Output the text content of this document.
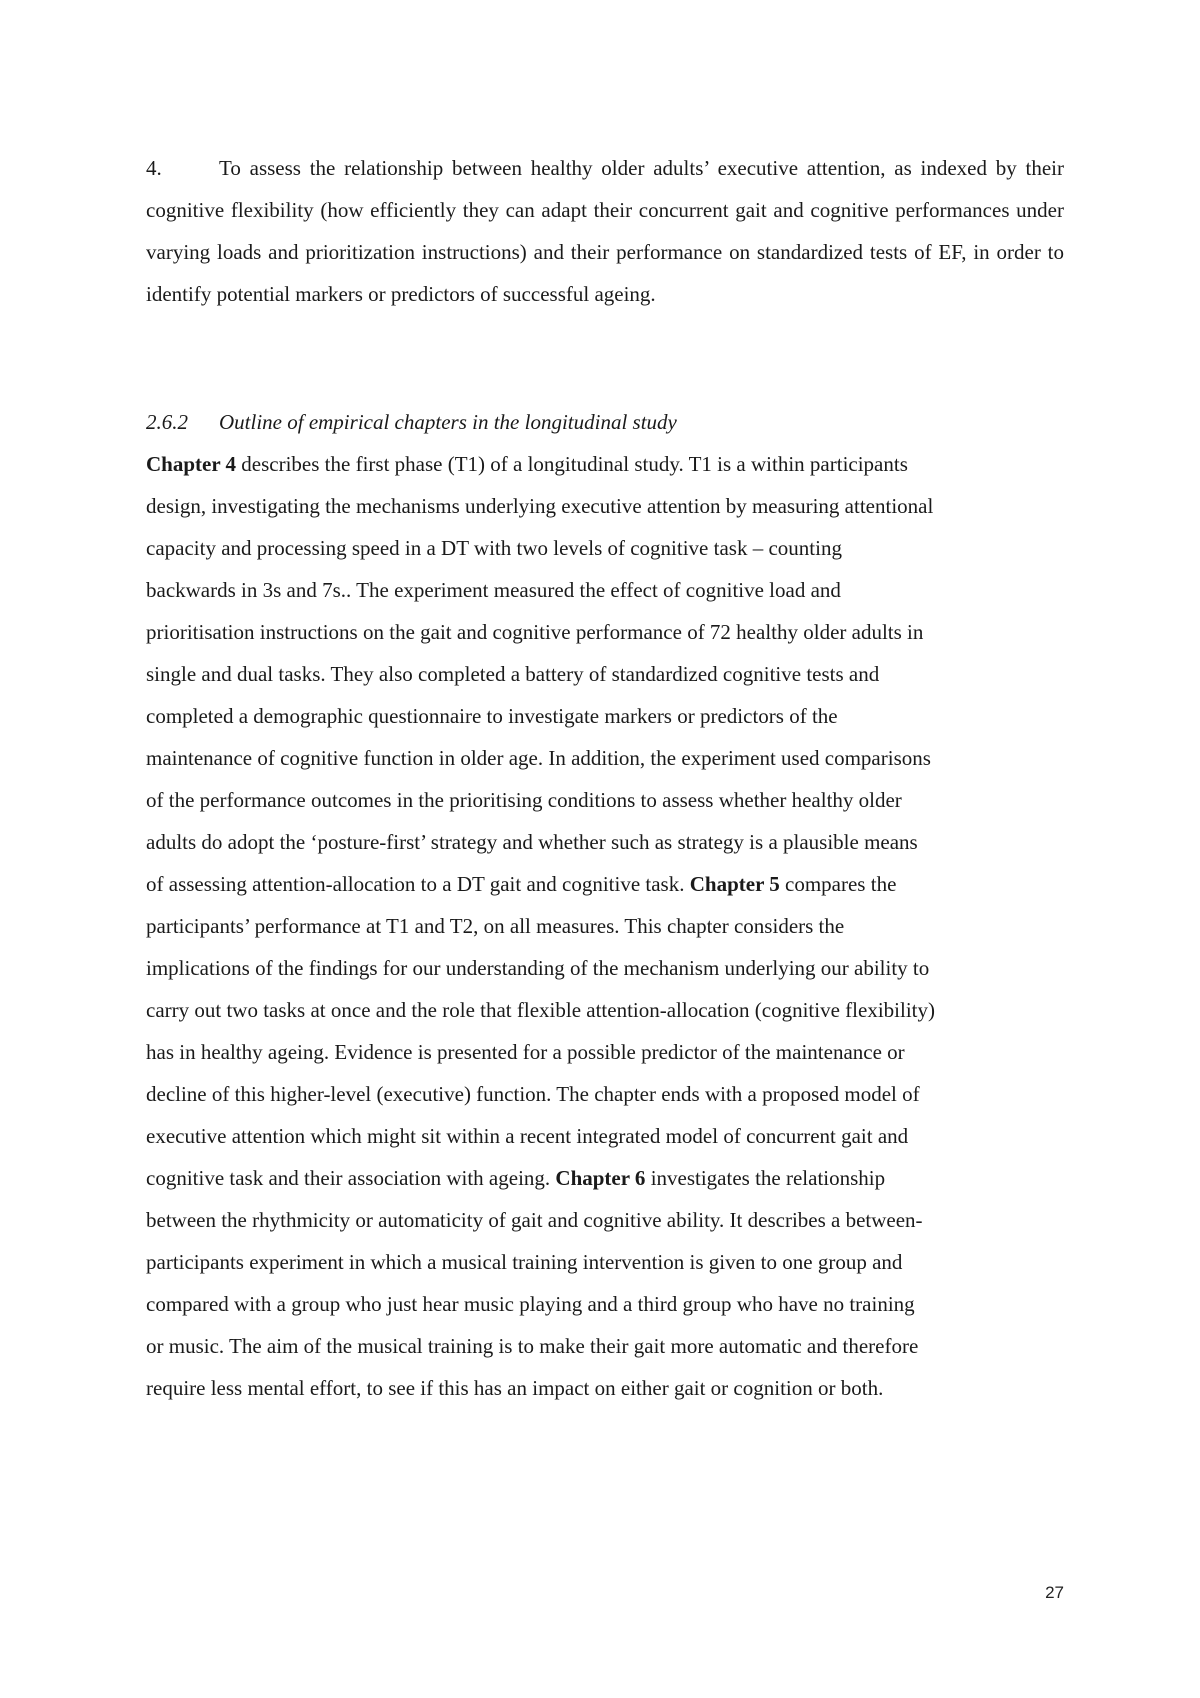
4.	To assess the relationship between healthy older adults’ executive attention, as indexed by their cognitive flexibility (how efficiently they can adapt their concurrent gait and cognitive performances under varying loads and prioritization instructions) and their performance on standardized tests of EF, in order to identify potential markers or predictors of successful ageing.

2.6.2 Outline of empirical chapters in the longitudinal study
Chapter 4 describes the first phase (T1) of a longitudinal study. T1 is a within participants
design, investigating the mechanisms underlying executive attention by measuring attentional
capacity and processing speed in a DT with two levels of cognitive task – counting
backwards in 3s and 7s.. The experiment measured the effect of cognitive load and
prioritisation instructions on the gait and cognitive performance of 72 healthy older adults in
single and dual tasks. They also completed a battery of standardized cognitive tests and
completed a demographic questionnaire to investigate markers or predictors of the
maintenance of cognitive function in older age. In addition, the experiment used comparisons
of the performance outcomes in the prioritising conditions to assess whether healthy older
adults do adopt the ‘posture-first’ strategy and whether such as strategy is a plausible means
of assessing attention-allocation to a DT gait and cognitive task. Chapter 5 compares the
participants’ performance at T1 and T2, on all measures. This chapter considers the
implications of the findings for our understanding of the mechanism underlying our ability to
carry out two tasks at once and the role that flexible attention-allocation (cognitive flexibility)
has in healthy ageing. Evidence is presented for a possible predictor of the maintenance or
decline of this higher-level (executive) function. The chapter ends with a proposed model of
executive attention which might sit within a recent integrated model of concurrent gait and
cognitive task and their association with ageing. Chapter 6 investigates the relationship
between the rhythmicity or automaticity of gait and cognitive ability. It describes a between-
participants experiment in which a musical training intervention is given to one group and
compared with a group who just hear music playing and a third group who have no training
or music. The aim of the musical training is to make their gait more automatic and therefore
require less mental effort, to see if this has an impact on either gait or cognition or both.
27
